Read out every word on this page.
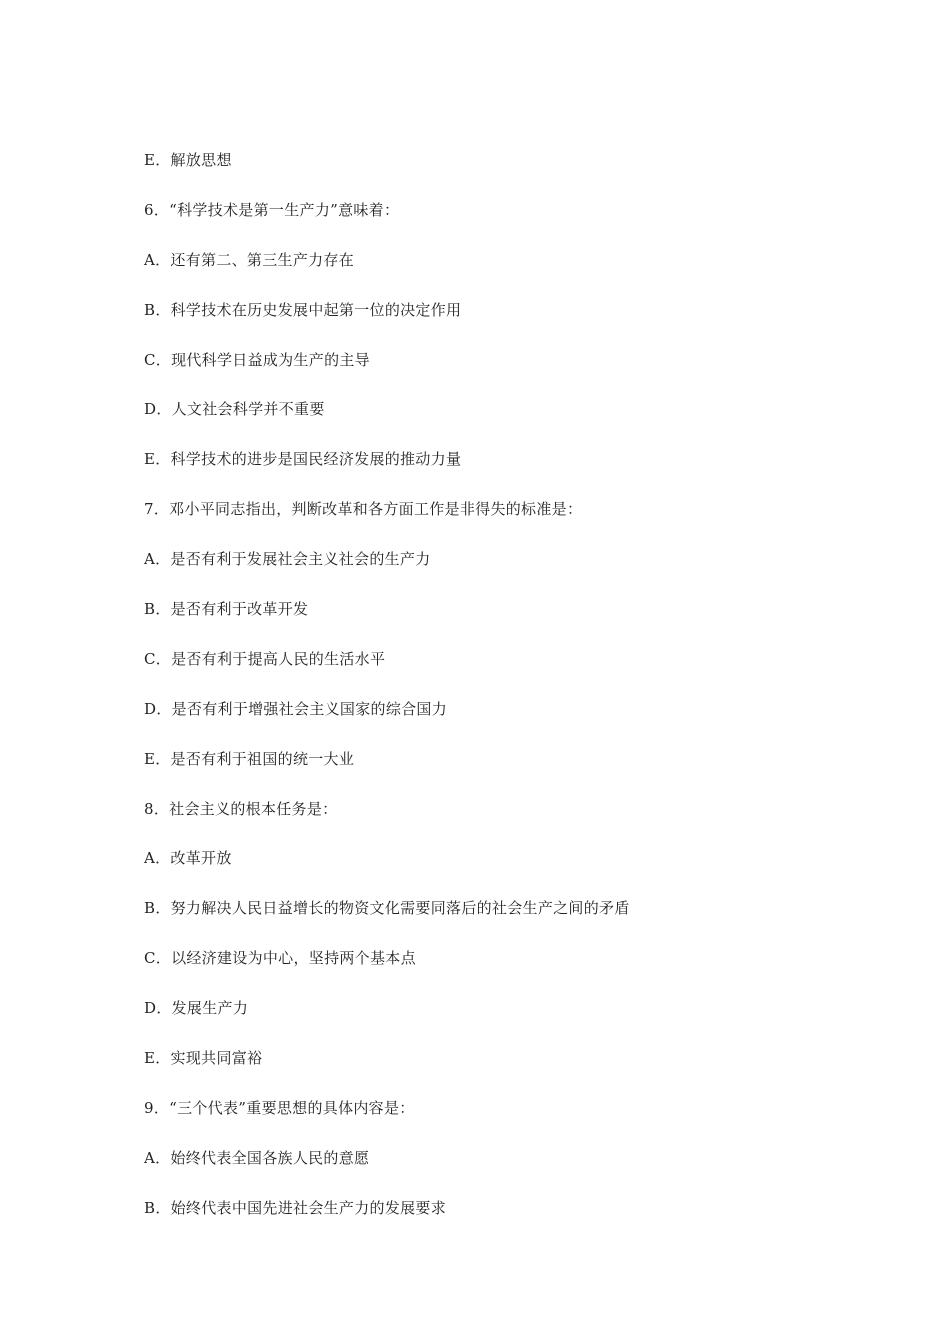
E．解放思想
6．“科学技术是第一生产力”意味着：
A．还有第二、第三生产力存在
B．科学技术在历史发展中起第一位的决定作用
C．现代科学日益成为生产的主导
D．人文社会科学并不重要
E．科学技术的进步是国民经济发展的推动力量
7．邓小平同志指出，判断改革和各方面工作是非得失的标准是：
A．是否有利于发展社会主义社会的生产力
B．是否有利于改革开发
C．是否有利于提高人民的生活水平
D．是否有利于增强社会主义国家的综合国力
E．是否有利于祖国的统一大业
8．社会主义的根本任务是：
A．改革开放
B．努力解决人民日益增长的物资文化需要同落后的社会生产之间的矛盾
C．以经济建设为中心，坚持两个基本点
D．发展生产力
E．实现共同富裕
9．“三个代表”重要思想的具体内容是：
A．始终代表全国各族人民的意愿
B．始终代表中国先进社会生产力的发展要求
